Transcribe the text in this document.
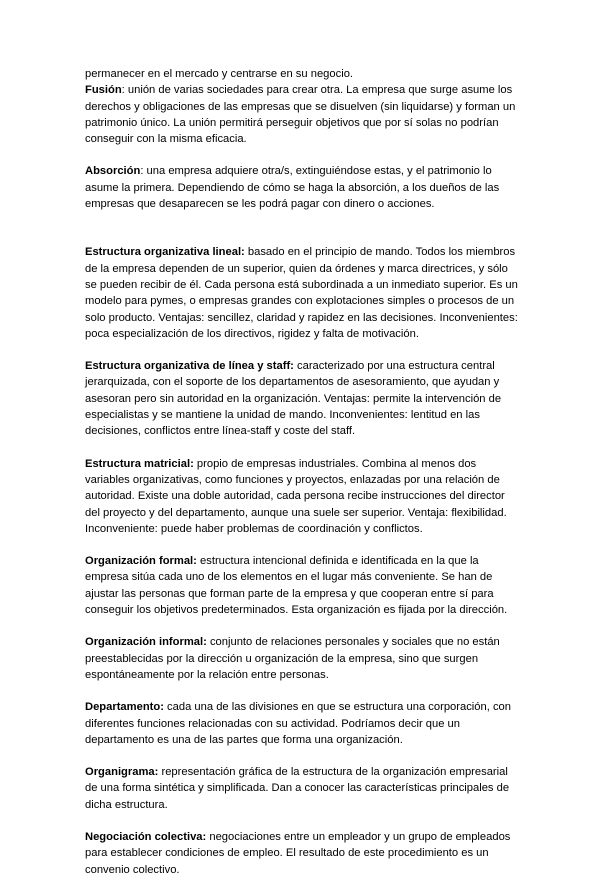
permanecer en el mercado y centrarse en su negocio.

Fusión: unión de varias sociedades para crear otra. La empresa que surge asume los derechos y obligaciones de las empresas que se disuelven (sin liquidarse) y forman un patrimonio único. La unión permitirá perseguir objetivos que por sí solas no podrían conseguir con la misma eficacia.

Absorción: una empresa adquiere otra/s, extinguiéndose estas, y el patrimonio lo asume la primera. Dependiendo de cómo se haga la absorción, a los dueños de las empresas que desaparecen se les podrá pagar con dinero o acciones.

Estructura organizativa lineal: basado en el principio de mando. Todos los miembros de la empresa dependen de un superior, quien da órdenes y marca directrices, y sólo se pueden recibir de él. Cada persona está subordinada a un inmediato superior. Es un modelo para pymes, o empresas grandes con explotaciones simples o procesos de un solo producto. Ventajas: sencillez, claridad y rapidez en las decisiones. Inconvenientes: poca especialización de los directivos, rigidez y falta de motivación.

Estructura organizativa de línea y staff: caracterizado por una estructura central jerarquizada, con el soporte de los departamentos de asesoramiento, que ayudan y asesoran pero sin autoridad en la organización. Ventajas: permite la intervención de especialistas y se mantiene la unidad de mando. Inconvenientes: lentitud en las decisiones, conflictos entre línea-staff y coste del staff.

Estructura matricial: propio de empresas industriales. Combina al menos dos variables organizativas, como funciones y proyectos, enlazadas por una relación de autoridad. Existe una doble autoridad, cada persona recibe instrucciones del director del proyecto y del departamento, aunque una suele ser superior. Ventaja: flexibilidad. Inconveniente: puede haber problemas de coordinación y conflictos.

Organización formal: estructura intencional definida e identificada en la que la empresa sitúa cada uno de los elementos en el lugar más conveniente. Se han de ajustar las personas que forman parte de la empresa y que cooperan entre sí para conseguir los objetivos predeterminados. Esta organización es fijada por la dirección.

Organización informal: conjunto de relaciones personales y sociales que no están preestablecidas por la dirección u organización de la empresa, sino que surgen espontáneamente por la relación entre personas.

Departamento: cada una de las divisiones en que se estructura una corporación, con diferentes funciones relacionadas con su actividad. Podríamos decir que un departamento es una de las partes que forma una organización.

Organigrama: representación gráfica de la estructura de la organización empresarial de una forma sintética y simplificada. Dan a conocer las características principales de dicha estructura.

Negociación colectiva: negociaciones entre un empleador y un grupo de empleados para establecer condiciones de empleo. El resultado de este procedimiento es un convenio colectivo.
